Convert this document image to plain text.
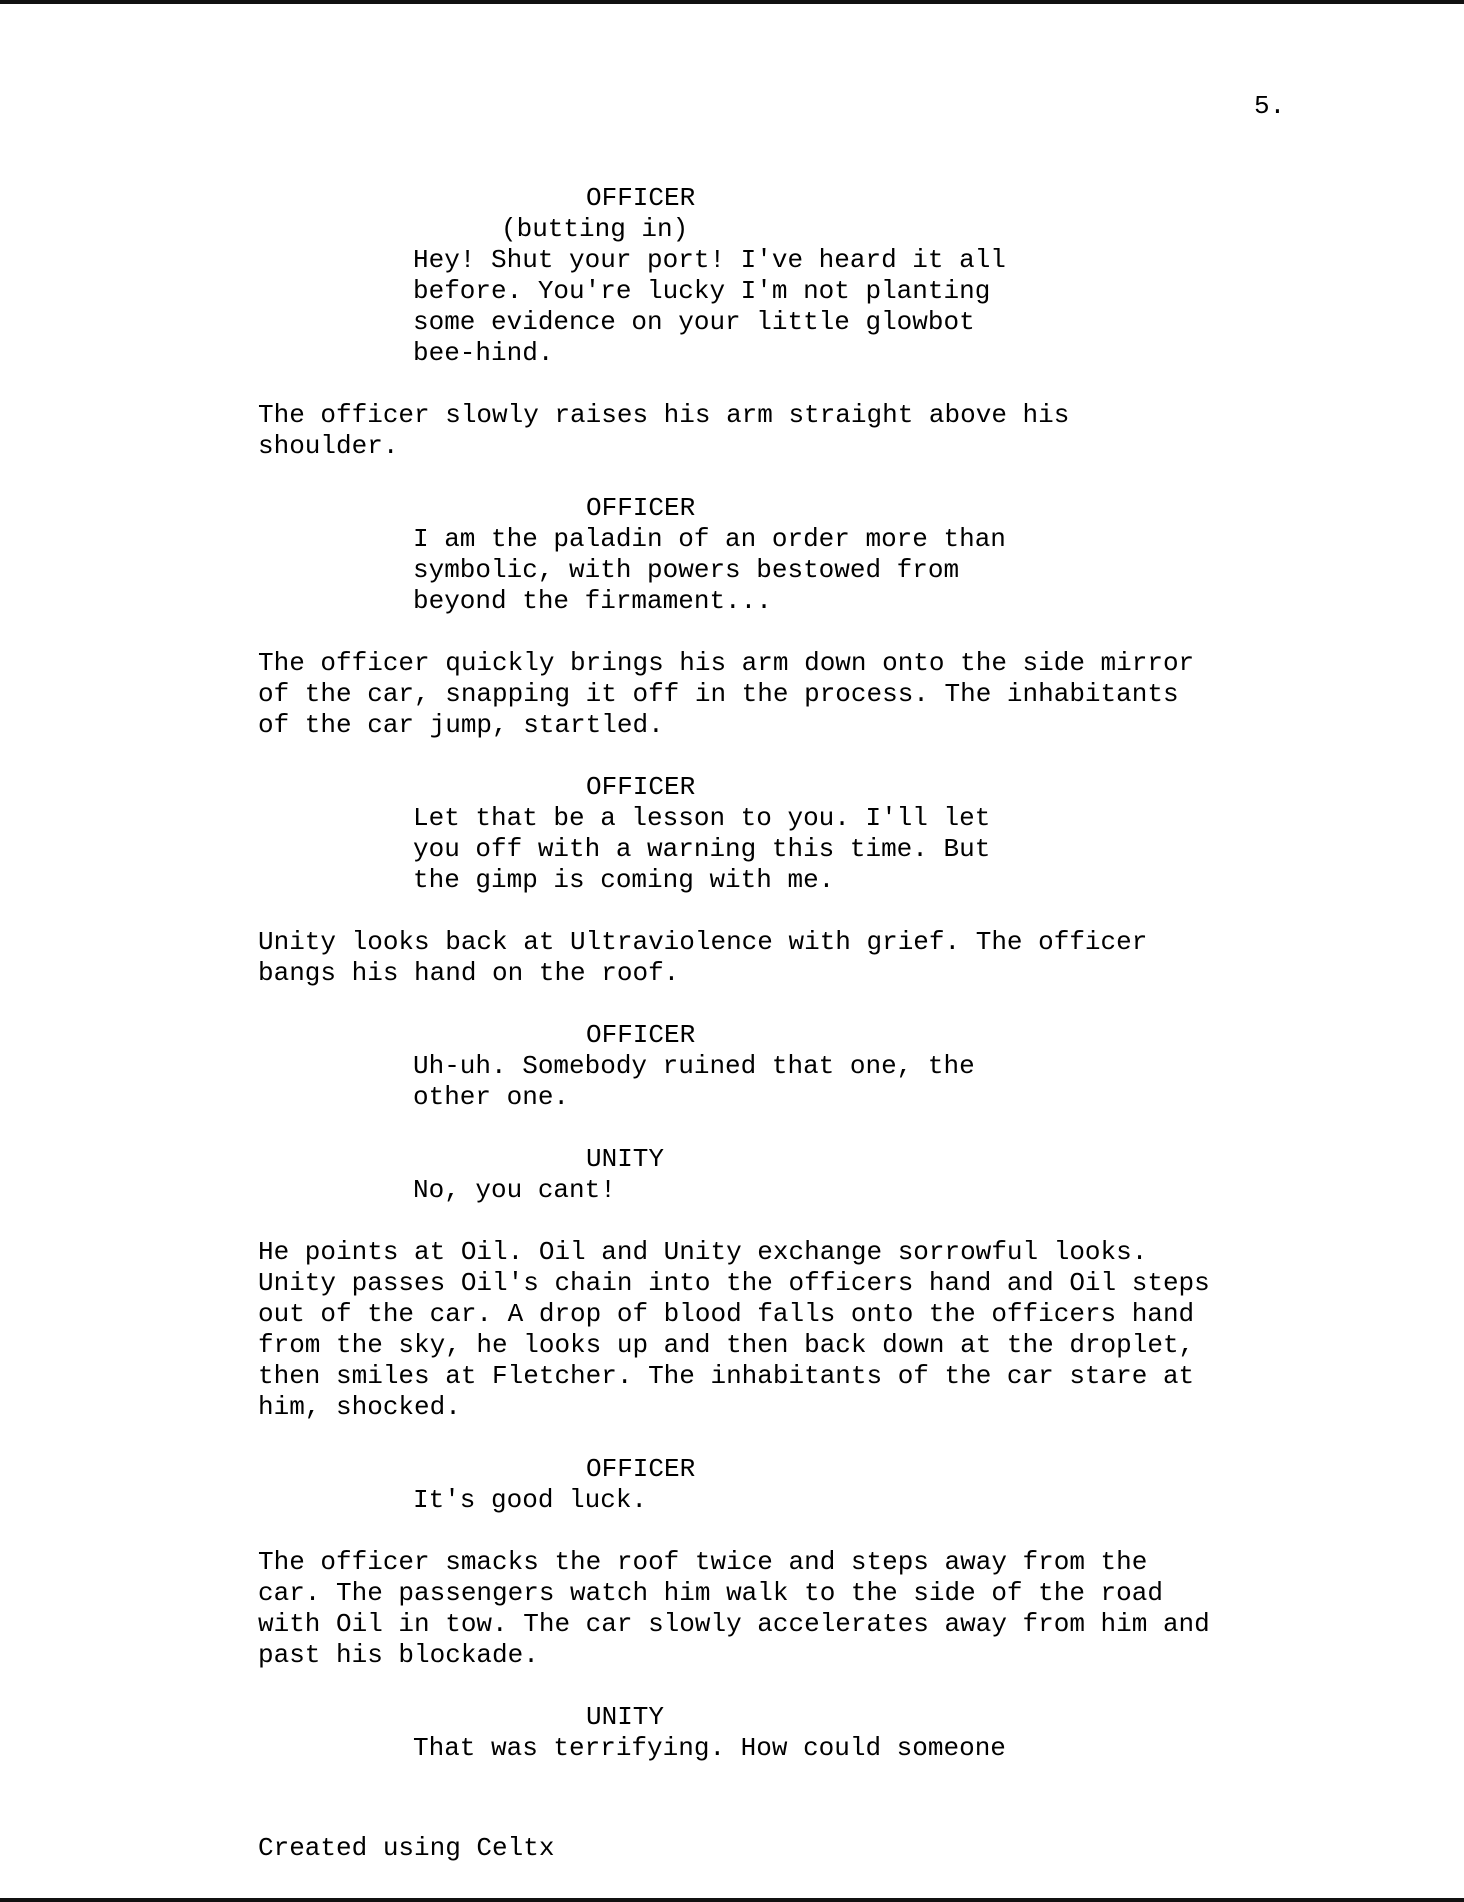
5.
OFFICER
(butting in)
Hey! Shut your port! I've heard it all
before. You're lucky I'm not planting
some evidence on your little glowbot
bee-hind.
The officer slowly raises his arm straight above his
shoulder.
OFFICER
I am the paladin of an order more than
symbolic, with powers bestowed from
beyond the firmament...
The officer quickly brings his arm down onto the side mirror
of the car, snapping it off in the process. The inhabitants
of the car jump, startled.
OFFICER
Let that be a lesson to you. I'll let
you off with a warning this time. But
the gimp is coming with me.
Unity looks back at Ultraviolence with grief. The officer
bangs his hand on the roof.
OFFICER
Uh-uh. Somebody ruined that one, the
other one.
UNITY
No, you cant!
He points at Oil. Oil and Unity exchange sorrowful looks.
Unity passes Oil's chain into the officers hand and Oil steps
out of the car. A drop of blood falls onto the officers hand
from the sky, he looks up and then back down at the droplet,
then smiles at Fletcher. The inhabitants of the car stare at
him, shocked.
OFFICER
It's good luck.
The officer smacks the roof twice and steps away from the
car. The passengers watch him walk to the side of the road
with Oil in tow. The car slowly accelerates away from him and
past his blockade.
UNITY
That was terrifying. How could someone
Created using Celtx
